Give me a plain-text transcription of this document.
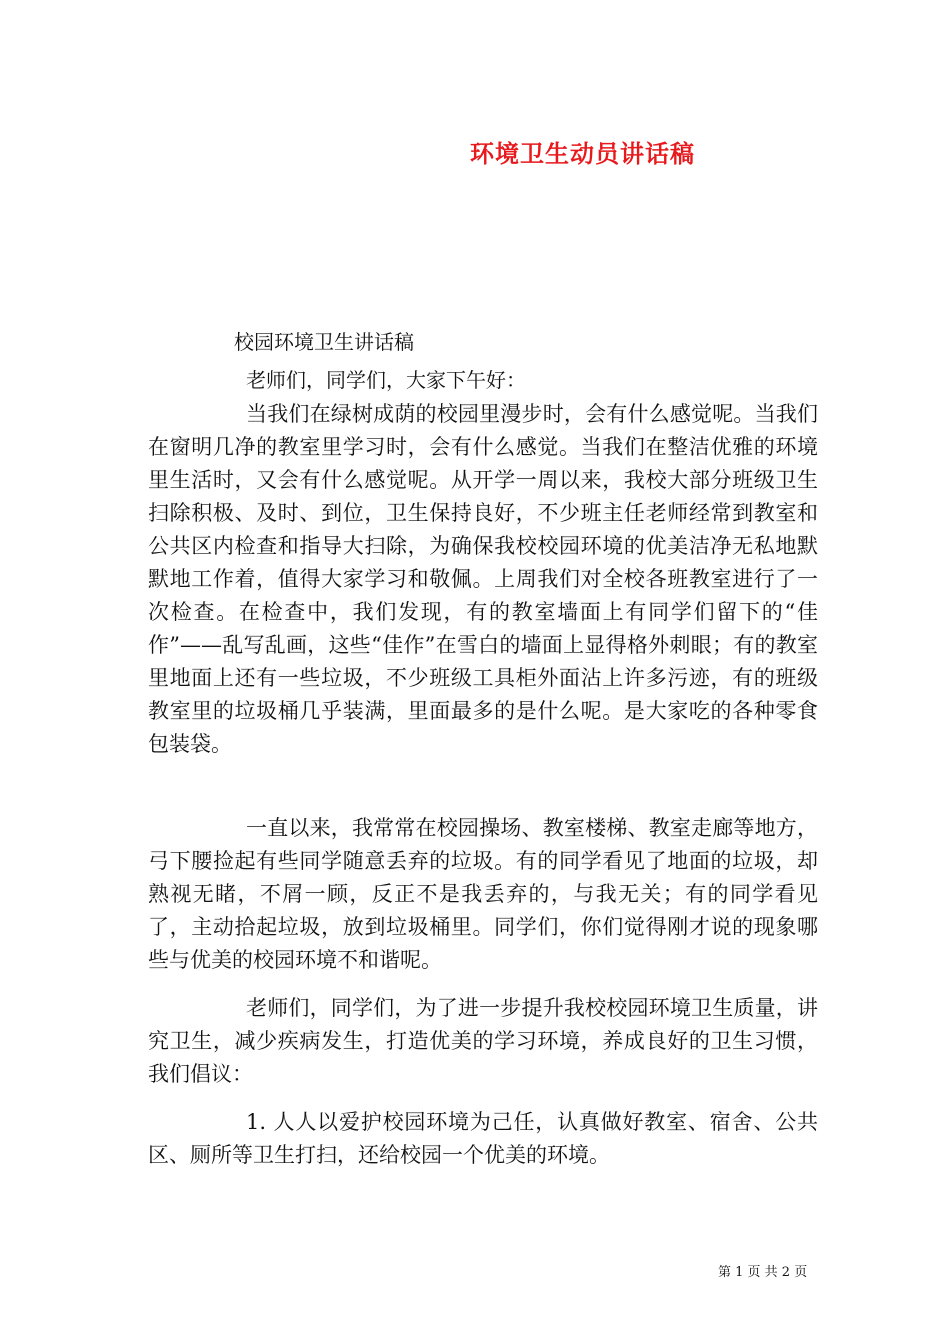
环境卫生动员讲话稿
校园环境卫生讲话稿
老师们，同学们，大家下午好：

当我们在绿树成荫的校园里漫步时，会有什么感觉呢。当我们在窗明几净的教室里学习时，会有什么感觉。当我们在整洁优雅的环境里生活时，又会有什么感觉呢。从开学一周以来，我校大部分班级卫生扫除积极、及时、到位，卫生保持良好，不少班主任老师经常到教室和公共区内检查和指导大扫除，为确保我校校园环境的优美洁净无私地默默地工作着，值得大家学习和敬佩。上周我们对全校各班教室进行了一次检查。在检查中，我们发现，有的教室墙面上有同学们留下的“佳作”——乱写乱画，这些“佳作”在雪白的墙面上显得格外刺眼；有的教室里地面上还有一些垃圾，不少班级工具柜外面沾上许多污迹，有的班级教室里的垃圾桶几乎装满，里面最多的是什么呢。是大家吃的各种零食包装袋。

一直以来，我常常在校园操场、教室楼梯、教室走廊等地方，弓下腰捡起有些同学随意丢弃的垃圾。有的同学看见了地面的垃圾，却熟视无睹，不屑一顾，反正不是我丢弃的，与我无关；有的同学看见了，主动拾起垃圾，放到垃圾桶里。同学们，你们觉得刚才说的现象哪些与优美的校园环境不和谐呢。

老师们，同学们，为了进一步提升我校校园环境卫生质量，讲究卫生，减少疾病发生，打造优美的学习环境，养成良好的卫生习惯，我们倡议：

1. 人人以爱护校园环境为己任，认真做好教室、宿舍、公共区、厕所等卫生打扫，还给校园一个优美的环境。

第 1 页 共 2 页
